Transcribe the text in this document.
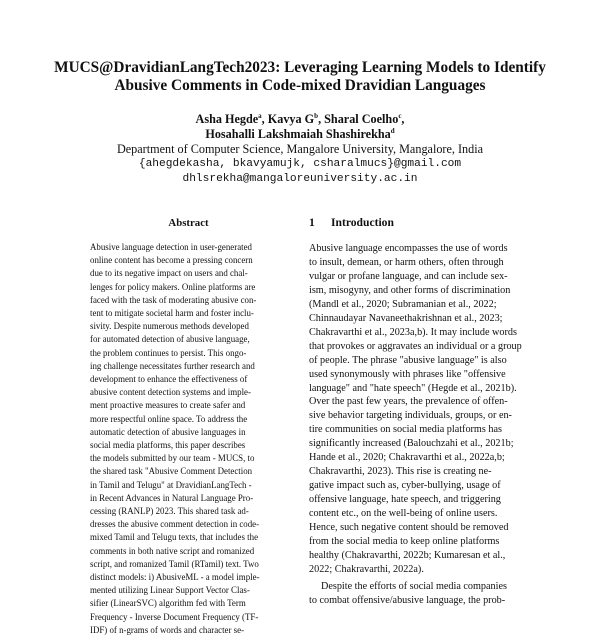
MUCS@DravidianLangTech2023: Leveraging Learning Models to Identify
Abusive Comments in Code-mixed Dravidian Languages
Asha Hegde$^a$, Kavya $G^b$, Sharal Coelho$^c$,
Hosahalli Lakshmaiah Shashirekha$^d$
Department of Computer Science, Mangalore University, Mangalore, India
{ahegdekasha, bkavyamujk, csharalmucs}@gmail.com
dhlsrekha@mangaloreuniversity.ac.in
Abstract
Abusive language detection in user-generated
online content has become a pressing concern
due to its negative impact on users and chal-
lenges for policy makers. Online platforms are
faced with the task of moderating abusive con-
tent to mitigate societal harm and foster inclu-
sivity. Despite numerous methods developed
for automated detection of abusive language,
the problem continues to persist. This ongo-
ing challenge necessitates further research and
development to enhance the effectiveness of
abusive content detection systems and imple-
ment proactive measures to create safer and
more respectful online space. To address the
automatic detection of abusive languages in
social media platforms, this paper describes
the models submitted by our team - MUCS, to
the shared task "Abusive Comment Detection
in Tamil and Telugu" at DravidianLangTech -
in Recent Advances in Natural Language Pro-
cessing (RANLP) 2023. This shared task ad-
dresses the abusive comment detection in code-
mixed Tamil and Telugu texts, that includes the
comments in both native script and romanized
script, and romanized Tamil (RTamil) text. Two
distinct models: i) AbusiveML - a model imple-
mented utilizing Linear Support Vector Clas-
sifier (LinearSVC) algorithm fed with Term
Frequency - Inverse Document Frequency (TF-
IDF) of n-grams of words and character se-
1 Introduction
Abusive language encompasses the use of words
to insult, demean, or harm others, often through
vulgar or profane language, and can include sex-
ism, misogyny, and other forms of discrimination
(Mandl et al., 2020; Subramanian et al., 2022;
Chinnaudayar Navaneethakrishnan et al., 2023;
Chakravarthi et al., 2023a,b). It may include words
that provokes or aggravates an individual or a group
of people. The phrase "abusive language" is also
used synonymously with phrases like "offensive
language" and "hate speech" (Hegde et al., 2021b).
Over the past few years, the prevalence of offen-
sive behavior targeting individuals, groups, or en-
tire communities on social media platforms has
significantly increased (Balouchzahi et al., 2021b;
Hande et al., 2020; Chakravarthi et al., 2022a,b;
Chakravarthi, 2023). This rise is creating ne-
gative impact such as, cyber-bullying, usage of
offensive language, hate speech, and triggering
content etc., on the well-being of online users.
Hence, such negative content should be removed
from the social media to keep online platforms
healthy (Chakravarthi, 2022b; Kumaresan et al.,
2022; Chakravarthi, 2022a).
Despite the efforts of social media companies
to combat offensive/abusive language, the prob-
